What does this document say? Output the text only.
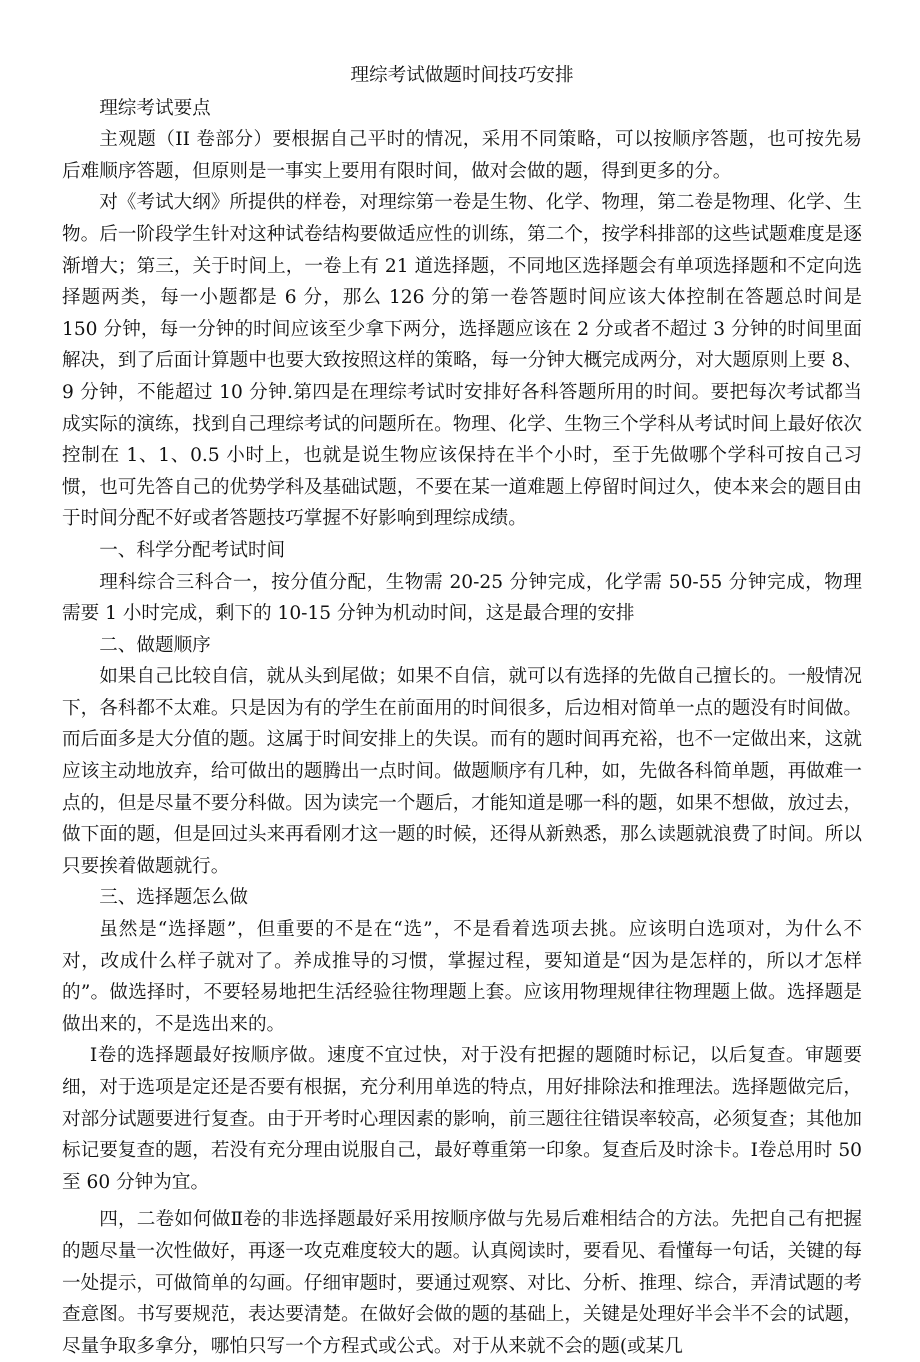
理综考试做题时间技巧安排

理综考试要点

主观题（II 卷部分）要根据自己平时的情况，采用不同策略，可以按顺序答题，也可按先易后难顺序答题，但原则是一事实上要用有限时间，做对会做的题，得到更多的分。

对《考试大纲》所提供的样卷，对理综第一卷是生物、化学、物理，第二卷是物理、化学、生物。后一阶段学生针对这种试卷结构要做适应性的训练，第二个，按学科排部的这些试题难度是逐渐增大；第三，关于时间上，一卷上有 21 道选择题，不同地区选择题会有单项选择题和不定向选择题两类，每一小题都是 6 分，那么 126 分的第一卷答题时间应该大体控制在答题总时间是 150 分钟，每一分钟的时间应该至少拿下两分，选择题应该在 2 分或者不超过 3 分钟的时间里面解决，到了后面计算题中也要大致按照这样的策略，每一分钟大概完成两分，对大题原则上要 8、9 分钟，不能超过 10 分钟.第四是在理综考试时安排好各科答题所用的时间。要把每次考试都当成实际的演练，找到自己理综考试的问题所在。物理、化学、生物三个学科从考试时间上最好依次控制在 1、1、0.5 小时上，也就是说生物应该保持在半个小时，至于先做哪个学科可按自己习惯，也可先答自己的优势学科及基础试题，不要在某一道难题上停留时间过久，使本来会的题目由于时间分配不好或者答题技巧掌握不好影响到理综成绩。

一、科学分配考试时间

理科综合三科合一，按分值分配，生物需 20-25 分钟完成，化学需 50-55 分钟完成，物理需要 1 小时完成，剩下的 10-15 分钟为机动时间，这是最合理的安排

二、做题顺序

如果自己比较自信，就从头到尾做；如果不自信，就可以有选择的先做自己擅长的。一般情况下，各科都不太难。只是因为有的学生在前面用的时间很多，后边相对简单一点的题没有时间做。而后面多是大分值的题。这属于时间安排上的失误。而有的题时间再充裕，也不一定做出来，这就应该主动地放弃，给可做出的题腾出一点时间。做题顺序有几种，如，先做各科简单题，再做难一点的，但是尽量不要分科做。因为读完一个题后，才能知道是哪一科的题，如果不想做，放过去，做下面的题，但是回过头来再看刚才这一题的时候，还得从新熟悉，那么读题就浪费了时间。所以只要挨着做题就行。

三、选择题怎么做

虽然是“选择题”，但重要的不是在“选”，不是看着选项去挑。应该明白选项对，为什么不对，改成什么样子就对了。养成推导的习惯，掌握过程，要知道是“因为是怎样的，所以才怎样的”。做选择时，不要轻易地把生活经验往物理题上套。应该用物理规律往物理题上做。选择题是做出来的，不是选出来的。

Ⅰ卷的选择题最好按顺序做。速度不宜过快，对于没有把握的题随时标记，以后复查。审题要细，对于选项是定还是否要有根据，充分利用单选的特点，用好排除法和推理法。选择题做完后，对部分试题要进行复查。由于开考时心理因素的影响，前三题往往错误率较高，必须复查；其他加标记要复查的题，若没有充分理由说服自己，最好尊重第一印象。复查后及时涂卡。Ⅰ卷总用时 50 至 60 分钟为宜。

四，二卷如何做Ⅱ卷的非选择题最好采用按顺序做与先易后难相结合的方法。先把自己有把握的题尽量一次性做好，再逐一攻克难度较大的题。认真阅读时，要看见、看懂每一句话，关键的每一处提示，可做简单的勾画。仔细审题时，要通过观察、对比、分析、推理、综合，弄清试题的考查意图。书写要规范，表达要清楚。在做好会做的题的基础上，关键是处理好半会半不会的试题，尽量争取多拿分，哪怕只写一个方程式或公式。对于从来就不会的题(或某几
